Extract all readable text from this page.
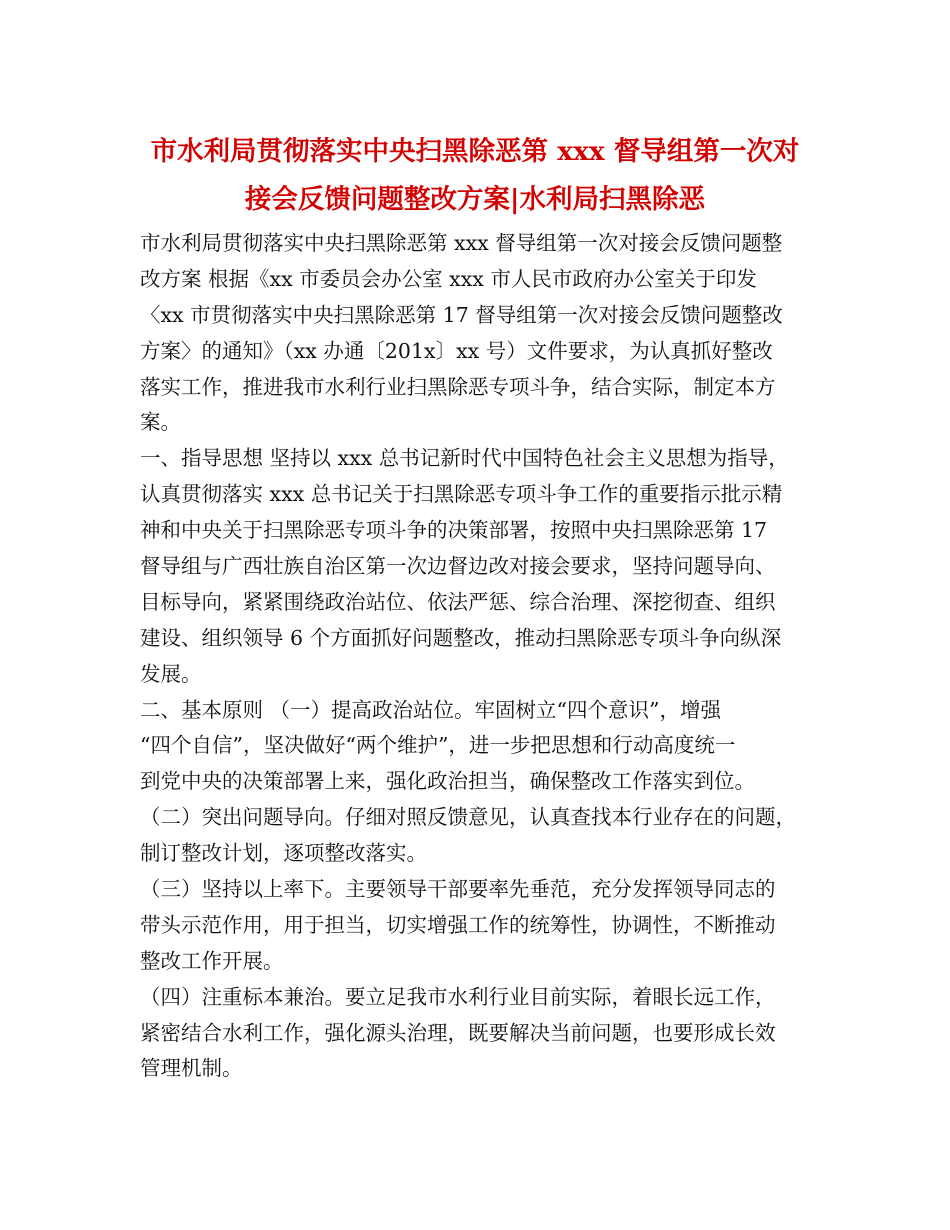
市水利局贯彻落实中央扫黑除恶第 xxx 督导组第一次对
接会反馈问题整改方案|水利局扫黑除恶
市水利局贯彻落实中央扫黑除恶第 xxx 督导组第一次对接会反馈问题整
改方案 根据《xx 市委员会办公室 xxx 市人民市政府办公室关于印发
〈xx 市贯彻落实中央扫黑除恶第 17 督导组第一次对接会反馈问题整改
方案〉的通知》（xx 办通〔201x〕xx 号）文件要求，为认真抓好整改
落实工作，推进我市水利行业扫黑除恶专项斗争，结合实际，制定本方
案。
一、指导思想 坚持以 xxx 总书记新时代中国特色社会主义思想为指导，
认真贯彻落实 xxx 总书记关于扫黑除恶专项斗争工作的重要指示批示精
神和中央关于扫黑除恶专项斗争的决策部署，按照中央扫黑除恶第 17
督导组与广西壮族自治区第一次边督边改对接会要求，坚持问题导向、
目标导向，紧紧围绕政治站位、依法严惩、综合治理、深挖彻查、组织
建设、组织领导 6 个方面抓好问题整改，推动扫黑除恶专项斗争向纵深
发展。
二、基本原则 （一）提高政治站位。牢固树立“四个意识”，增强
“四个自信”，坚决做好“两个维护”，进一步把思想和行动高度统一
到党中央的决策部署上来，强化政治担当，确保整改工作落实到位。
（二）突出问题导向。仔细对照反馈意见，认真查找本行业存在的问题，
制订整改计划，逐项整改落实。
（三）坚持以上率下。主要领导干部要率先垂范，充分发挥领导同志的
带头示范作用，用于担当，切实增强工作的统筹性，协调性，不断推动
整改工作开展。
（四）注重标本兼治。要立足我市水利行业目前实际，着眼长远工作，
紧密结合水利工作，强化源头治理，既要解决当前问题，也要形成长效
管理机制。
